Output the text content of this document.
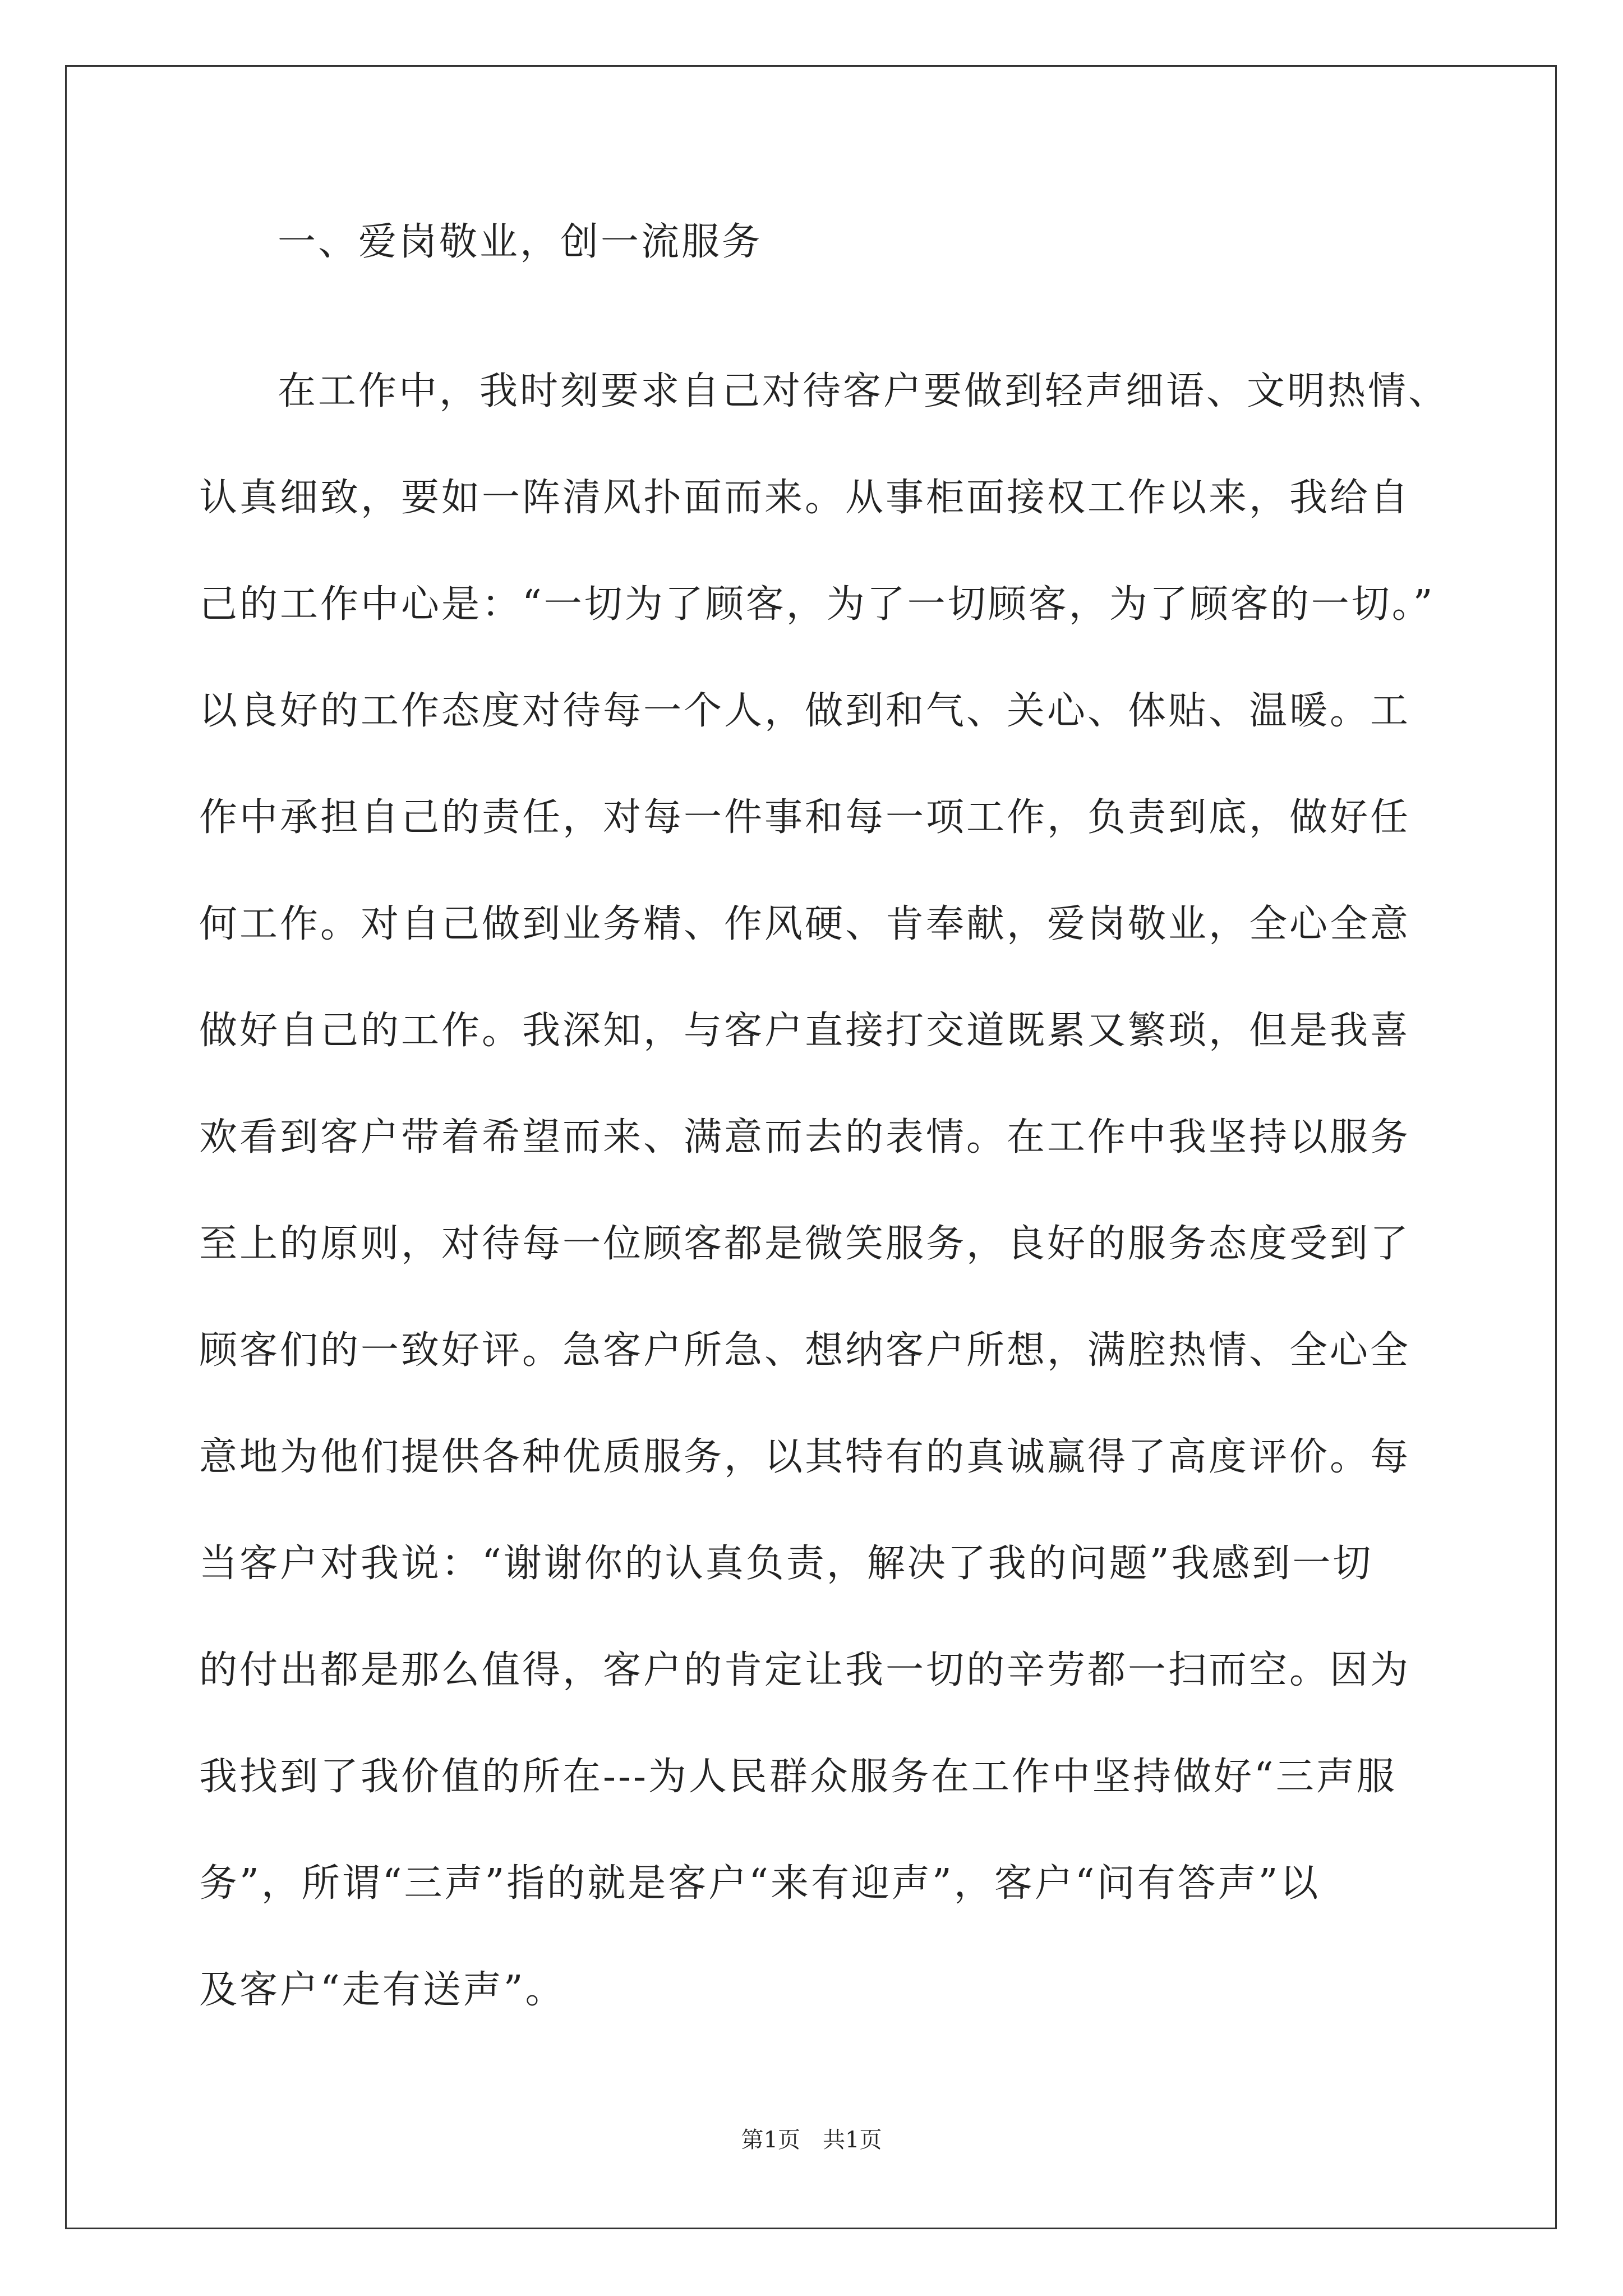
一、爱岗敬业，创一流服务
在工作中，我时刻要求自己对待客户要做到轻声细语、文明热情、
认真细致，要如一阵清风扑面而来。从事柜面接权工作以来，我给自
己的工作中心是：“一切为了顾客，为了一切顾客，为了顾客的一切。”
以良好的工作态度对待每一个人，做到和气、关心、体贴、温暖。工
作中承担自己的责任，对每一件事和每一项工作，负责到底，做好任
何工作。对自己做到业务精、作风硬、肯奉献，爱岗敬业，全心全意
做好自己的工作。我深知，与客户直接打交道既累又繁琐，但是我喜
欢看到客户带着希望而来、满意而去的表情。在工作中我坚持以服务
至上的原则，对待每一位顾客都是微笑服务，良好的服务态度受到了
顾客们的一致好评。急客户所急、想纳客户所想，满腔热情、全心全
意地为他们提供各种优质服务，以其特有的真诚赢得了高度评价。每
当客户对我说：“谢谢你的认真负责，解决了我的问题”我感到一切
的付出都是那么值得，客户的肯定让我一切的辛劳都一扫而空。因为
我找到了我价值的所在---为人民群众服务在工作中坚持做好“三声服
务”，所谓“三声”指的就是客户“来有迎声”，客户“问有答声”以
及客户“走有送声”。
第1页　共1页
